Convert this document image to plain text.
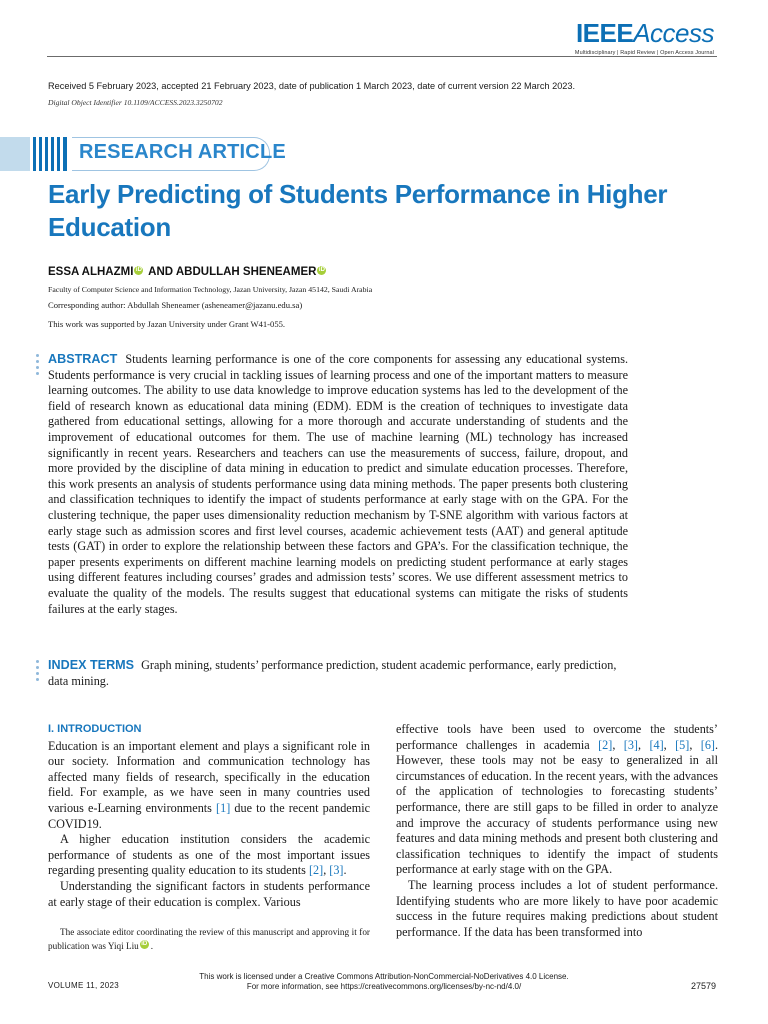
IEEEAccess
Multidisciplinary | Rapid Review | Open Access Journal
Received 5 February 2023, accepted 21 February 2023, date of publication 1 March 2023, date of current version 22 March 2023.
Digital Object Identifier 10.1109/ACCESS.2023.3250702
RESEARCH ARTICLE
Early Predicting of Students Performance in Higher Education
ESSA ALHAZMI iD AND ABDULLAH SHENEAMER iD
Faculty of Computer Science and Information Technology, Jazan University, Jazan 45142, Saudi Arabia
Corresponding author: Abdullah Sheneamer (asheneamer@jazanu.edu.sa)
This work was supported by Jazan University under Grant W41-055.

ABSTRACT Students learning performance is one of the core components for assessing any educational systems. Students performance is very crucial in tackling issues of learning process and one of the important matters to measure learning outcomes. The ability to use data knowledge to improve education systems has led to the development of the field of research known as educational data mining (EDM). EDM is the creation of techniques to investigate data gathered from educational settings, allowing for a more thorough and accurate understanding of students and the improvement of educational outcomes for them. The use of machine learning (ML) technology has increased significantly in recent years. Researchers and teachers can use the measurements of success, failure, dropout, and more provided by the discipline of data mining in education to predict and simulate education processes. Therefore, this work presents an analysis of students performance using data mining methods. The paper presents both clustering and classification techniques to identify the impact of students performance at early stage with on the GPA. For the clustering technique, the paper uses dimensionality reduction mechanism by T-SNE algorithm with various factors at early stage such as admission scores and first level courses, academic achievement tests (AAT) and general aptitude tests (GAT) in order to explore the relationship between these factors and GPA’s. For the classification technique, the paper presents experiments on different machine learning models on predicting student performance at early stages using different features including courses’ grades and admission tests’ scores. We use different assessment metrics to evaluate the quality of the models. The results suggest that educational systems can mitigate the risks of students failures at the early stages.

INDEX TERMS Graph mining, students’ performance prediction, student academic performance, early prediction, data mining.

I. INTRODUCTION

Education is an important element and plays a significant role in our society. Information and communication technology has affected many fields of research, specifically in the education field. For example, as we have seen in many countries used various e-Learning environments [1] due to the recent pandemic COVID19.

A higher education institution considers the academic performance of students as one of the most important issues regarding presenting quality education to its students [2], [3].

Understanding the significant factors in students performance at early stage of their education is complex. Various

The associate editor coordinating the review of this manuscript and approving it for publication was Yiqi Liu iD .

effective tools have been used to overcome the students’ performance challenges in academia [2], [3], [4], [5], [6]. However, these tools may not be easy to generalized in all circumstances of education. In the recent years, with the advances of the application of technologies to forecasting students’ performance, there are still gaps to be filled in order to analyze and improve the accuracy of students performance using new features and data mining methods and present both clustering and classification techniques to identify the impact of students performance at early stage with on the GPA.

The learning process includes a lot of student performance. Identifying students who are more likely to have poor academic success in the future requires making predictions about student performance. If the data has been transformed into

VOLUME 11, 2023
This work is licensed under a Creative Commons Attribution-NonCommercial-NoDerivatives 4.0 License.
For more information, see https://creativecommons.org/licenses/by-nc-nd/4.0/	27579
